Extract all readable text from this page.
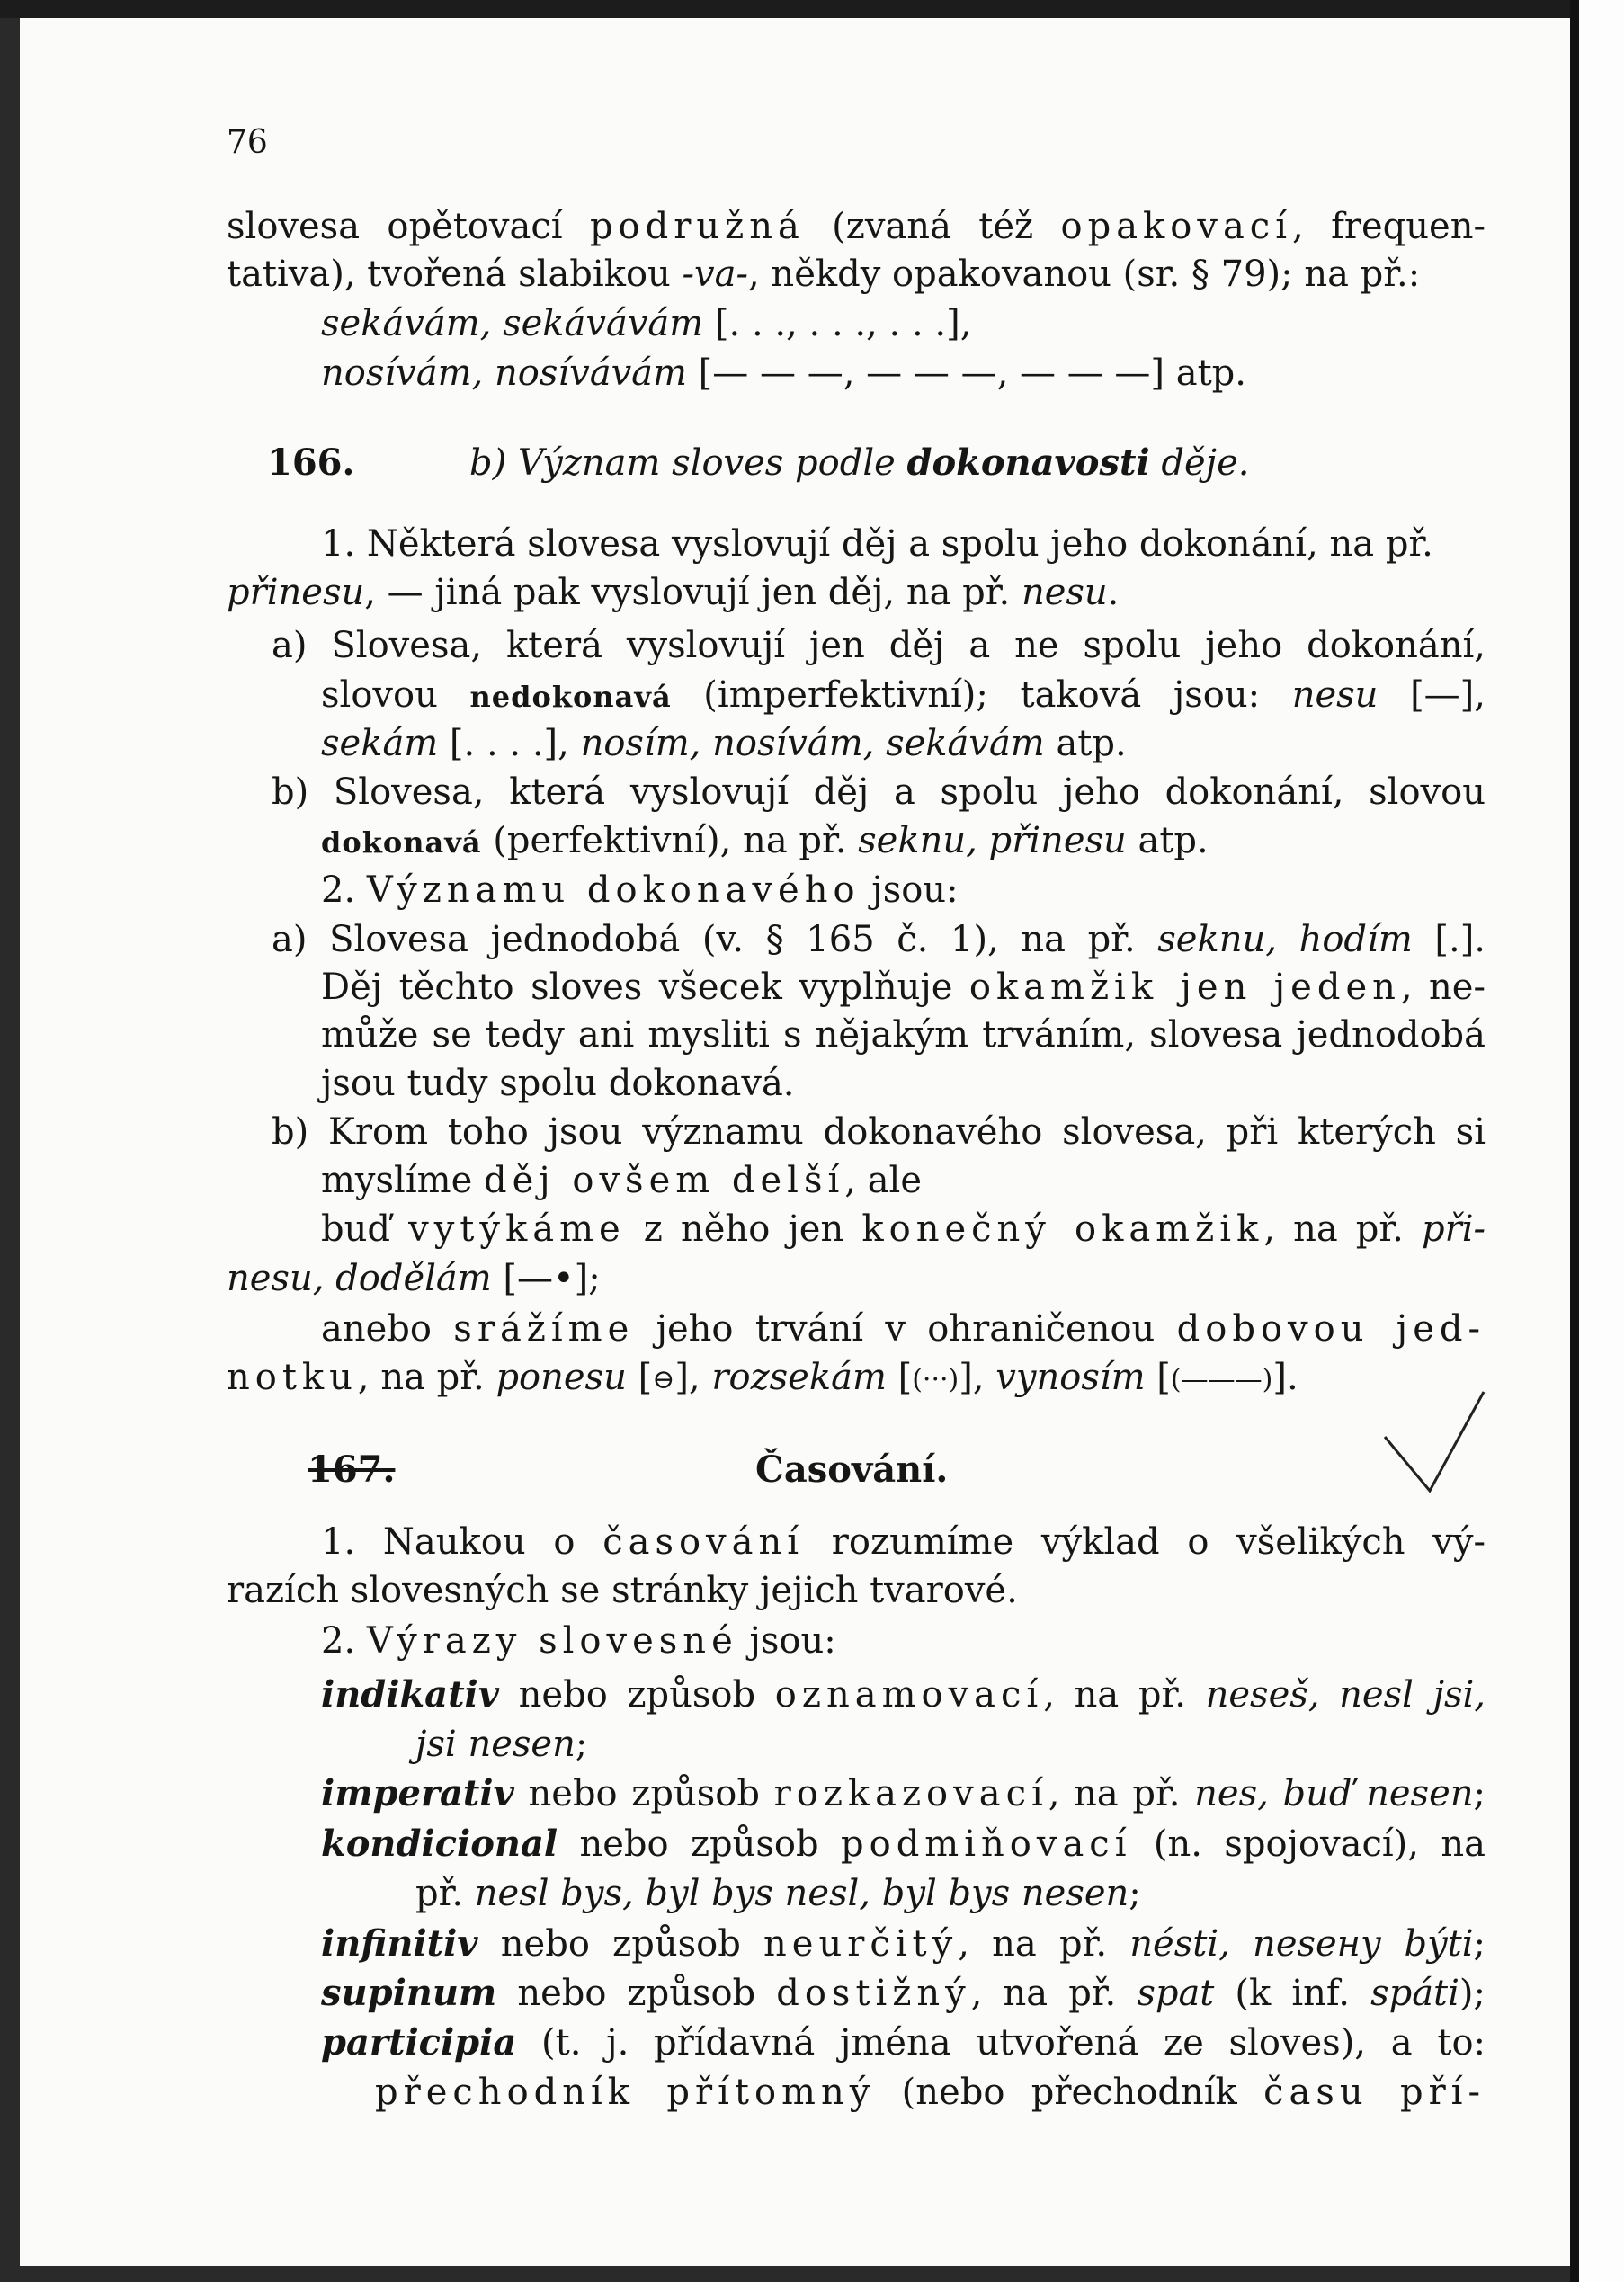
76
slovesa opětovací podružná (zvaná též opakovací, frequen-
tativa), tvořená slabikou -va-, někdy opakovanou (sr. § 79); na př.:
sekávám, sekávávám [. . ., . . ., . . .],
nosívám, nosívávám [— — —, — — —, — — —] atp.
166.	b) Význam sloves podle dokonavosti děje.
1. Některá slovesa vyslovují děj a spolu jeho dokonání, na př.
přinesu, — jiná pak vyslovují jen děj, na př. nesu.
a) Slovesa, která vyslovují jen děj a ne spolu jeho dokonání,
slovou nedokonavá (imperfektivní); taková jsou: nesu [—],
sekám [. . . .], nosím, nosívám, sekávám atp.
b) Slovesa, která vyslovují děj a spolu jeho dokonání, slovou
dokonavá (perfektivní), na př. seknu, přinesu atp.
2. Významu dokonavého jsou:
a) Slovesa jednodobá (v. § 165 č. 1), na př. seknu, hodím [.].
Děj těchto sloves všecek vyplňuje okamžik jen jeden, ne-
může se tedy ani mysliti s nějakým trváním, slovesa jednodobá
jsou tudy spolu dokonavá.
b) Krom toho jsou významu dokonavého slovesa, při kterých si
myslíme děj ovšem delší, ale
buď vytýkáme z něho jen konečný okamžik, na př. při-
nesu, dodělám [—•];
anebo srážíme jeho trvání v ohraničenou dobovou jed-
notku, na př. ponesu [⊖], rozsekám [(···)], vynosím [(———)].
167.	Časování.
1. Naukou o časování rozumíme výklad o všelikých vý-
razích slovesných se stránky jejich tvarové.
2. Výrazy slovesné jsou:
indikativ nebo způsob oznamovací, na př. neseš, nesl jsi,
jsi nesen;
imperativ nebo způsob rozkazovací, na př. nes, buď nesen;
kondicional nebo způsob podmiňovací (n. spojovací), na
př. nesl bys, byl bys nesl, byl bys nesen;
infinitiv nebo způsob neurčitý, na př. nésti, neseну býti;
supinum nebo způsob dostižný, na př. spat (k inf. spáti);
participia (t. j. přídavná jména utvořená ze sloves), a to:
přechodník přítomný (nebo přechodník času pří-
